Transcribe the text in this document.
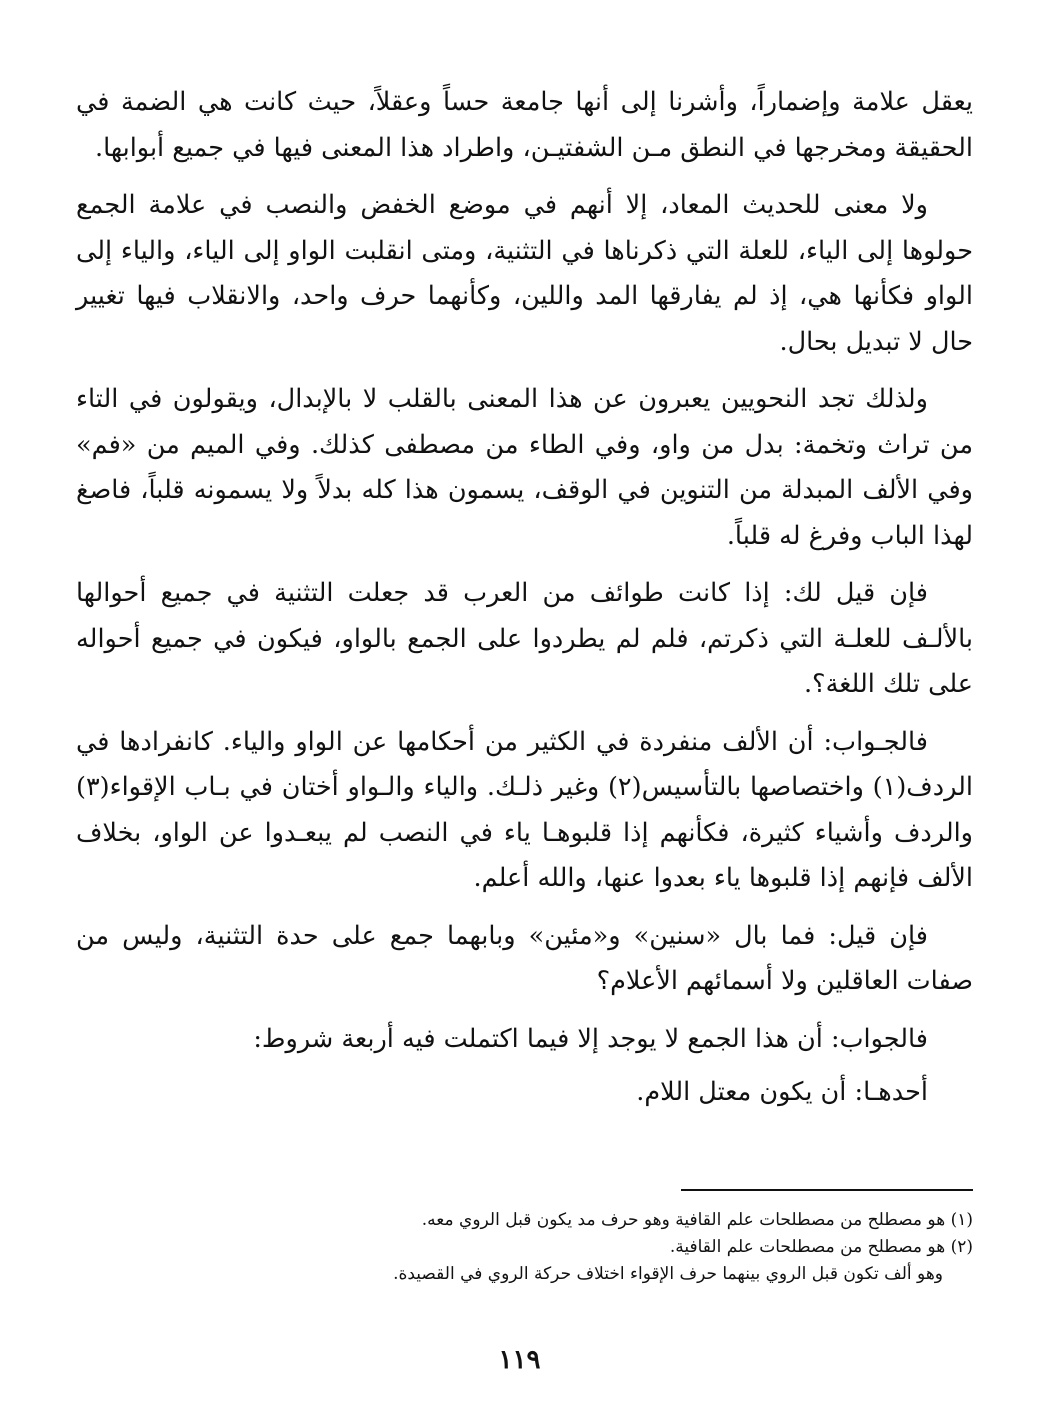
يعقل علامة وإضماراً، وأشرنا إلى أنها جامعة حساً وعقلاً، حيث كانت هي الضمة في الحقيقة ومخرجها في النطق مـن الشفتيـن، واطراد هذا المعنى فيها في جميع أبوابها.

ولا معنى للحديث المعاد، إلا أنهم في موضع الخفض والنصب في علامة الجمع حولوها إلى الياء، للعلة التي ذكرناها في التثنية، ومتى انقلبت الواو إلى الياء، والياء إلى الواو فكأنها هي، إذ لم يفارقها المد واللين، وكأنهما حرف واحد، والانقلاب فيها تغيير حال لا تبديل بحال.

ولذلك تجد النحويين يعبرون عن هذا المعنى بالقلب لا بالإبدال، ويقولون في التاء من تراث وتخمة: بدل من واو، وفي الطاء من مصطفى كذلك. وفي الميم من «فم» وفي الألف المبدلة من التنوين في الوقف، يسمون هذا كله بدلاً ولا يسمونه قلباً، فاصغ لهذا الباب وفرغ له قلباً.

فإن قيل لك: إذا كانت طوائف من العرب قد جعلت التثنية في جميع أحوالها بالألـف للعلـة التي ذكرتم، فلم لم يطردوا على الجمع بالواو، فيكون في جميع أحواله على تلك اللغة؟.

فالجـواب: أن الألف منفردة في الكثير من أحكامها عن الواو والياء. كانفرادها في الردف(١) واختصاصها بالتأسيس(٢) وغير ذلـك. والياء والـواو أختان في بـاب الإقواء(٣) والردف وأشياء كثيرة، فكأنهم إذا قلبوهـا ياء في النصب لم يبعـدوا عن الواو، بخلاف الألف فإنهم إذا قلبوها ياء بعدوا عنها، والله أعلم.

فإن قيل: فما بال «سنين» و«مئين» وبابهما جمع على حدة التثنية، وليس من صفات العاقلين ولا أسمائهم الأعلام؟

فالجواب: أن هذا الجمع لا يوجد إلا فيما اكتملت فيه أربعة شروط:

أحدهـا: أن يكون معتل اللام.

(١) هو مصطلح من مصطلحات علم القافية وهو حرف مد يكون قبل الروي معه.

(٢) هو مصطلح من مصطلحات علم القافية.

وهو ألف تكون قبل الروي بينهما حرف الإقواء اختلاف حركة الروي في القصيدة.

١١٩
